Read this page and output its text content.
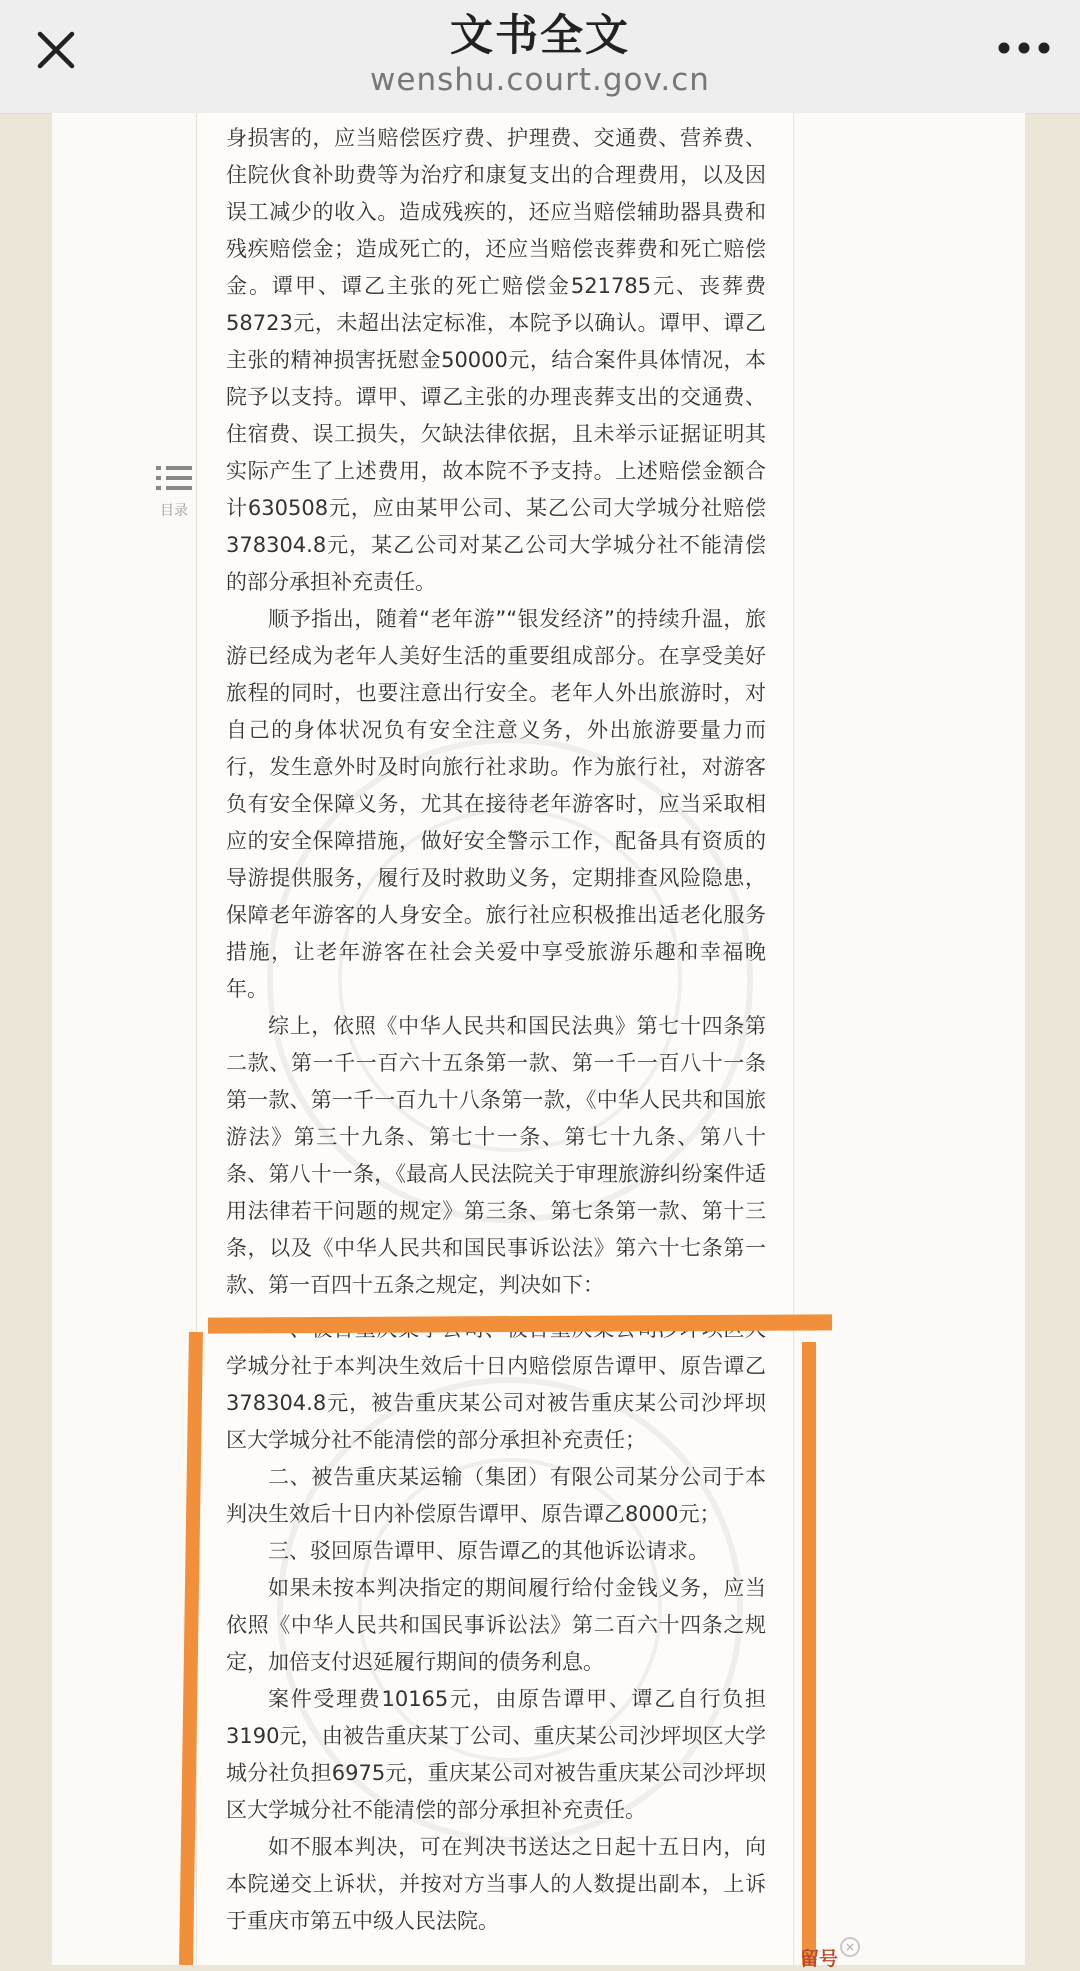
文书全文
wenshu.court.gov.cn
目录

身损害的，应当赔偿医疗费、护理费、交通费、营养费、住院伙食补助费等为治疗和康复支出的合理费用，以及因误工减少的收入。造成残疾的，还应当赔偿辅助器具费和残疾赔偿金；造成死亡的，还应当赔偿丧葬费和死亡赔偿金。谭甲、谭乙主张的死亡赔偿金521785元、丧葬费58723元，未超出法定标准，本院予以确认。谭甲、谭乙主张的精神损害抚慰金50000元，结合案件具体情况，本院予以支持。谭甲、谭乙主张的办理丧葬支出的交通费、住宿费、误工损失，欠缺法律依据，且未举示证据证明其实际产生了上述费用，故本院不予支持。上述赔偿金额合计630508元，应由某甲公司、某乙公司大学城分社赔偿378304.8元，某乙公司对某乙公司大学城分社不能清偿的部分承担补充责任。

顺予指出，随着“老年游”“银发经济”的持续升温，旅游已经成为老年人美好生活的重要组成部分。在享受美好旅程的同时，也要注意出行安全。老年人外出旅游时，对自己的身体状况负有安全注意义务，外出旅游要量力而行，发生意外时及时向旅行社求助。作为旅行社，对游客负有安全保障义务，尤其在接待老年游客时，应当采取相应的安全保障措施，做好安全警示工作，配备具有资质的导游提供服务，履行及时救助义务，定期排查风险隐患，保障老年游客的人身安全。旅行社应积极推出适老化服务措施，让老年游客在社会关爱中享受旅游乐趣和幸福晚年。

综上，依照《中华人民共和国民法典》第七十四条第二款、第一千一百六十五条第一款、第一千一百八十一条第一款、第一千一百九十八条第一款，《中华人民共和国旅游法》第三十九条、第七十一条、第七十九条、第八十条、第八十一条，《最高人民法院关于审理旅游纠纷案件适用法律若干问题的规定》第三条、第七条第一款、第十三条，以及《中华人民共和国民事诉讼法》第六十七条第一款、第一百四十五条之规定，判决如下：

学城分社于本判决生效后十日内赔偿原告谭甲、原告谭乙378304.8元，被告重庆某公司对被告重庆某公司沙坪坝区大学城分社不能清偿的部分承担补充责任；

二、被告重庆某运输（集团）有限公司某分公司于本判决生效后十日内补偿原告谭甲、原告谭乙8000元；

三、驳回原告谭甲、原告谭乙的其他诉讼请求。

如果未按本判决指定的期间履行给付金钱义务，应当依照《中华人民共和国民事诉讼法》第二百六十四条之规定，加倍支付迟延履行期间的债务利息。

案件受理费10165元，由原告谭甲、谭乙自行负担3190元，由被告重庆某丁公司、重庆某公司沙坪坝区大学城分社负担6975元，重庆某公司对被告重庆某公司沙坪坝区大学城分社不能清偿的部分承担补充责任。

如不服本判决，可在判决书送达之日起十五日内，向本院递交上诉状，并按对方当事人的人数提出副本，上诉于重庆市第五中级人民法院。

留号
×
